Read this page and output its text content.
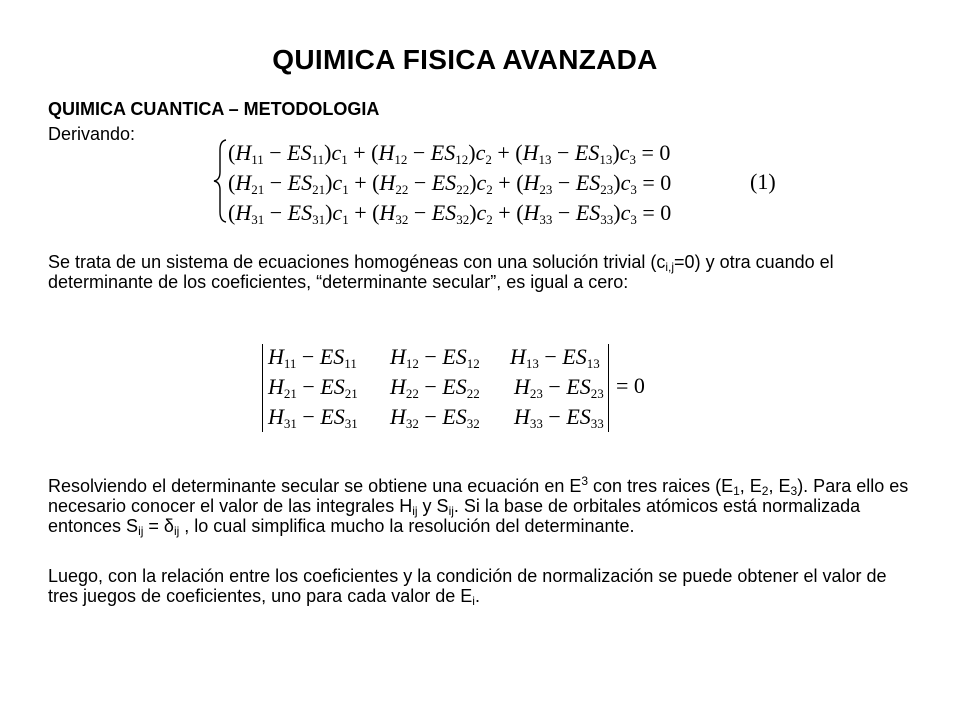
QUIMICA FISICA AVANZADA
QUIMICA CUANTICA – METODOLOGIA
Derivando:
$(H_{11} - ES_{11})c_1 + (H_{12} - ES_{12})c_2 + (H_{13} - ES_{13})c_3 = 0$
$(H_{21} - ES_{21})c_1 + (H_{22} - ES_{22})c_2 + (H_{23} - ES_{23})c_3 = 0$
$(H_{31} - ES_{31})c_1 + (H_{32} - ES_{32})c_2 + (H_{33} - ES_{33})c_3 = 0$
(1)
Se trata de un sistema de ecuaciones homogéneas con una solución trivial $(c_{i,j}=0)$ y otra cuando el determinante de los coeficientes, “determinante secular”, es igual a cero:
$H_{11} - ES_{11}$ $H_{12} - ES_{12}$ $H_{13} - ES_{13}$
$H_{21} - ES_{21}$ $H_{22} - ES_{22}$ $H_{23} - ES_{23}$
$H_{31} - ES_{31}$ $H_{32} - ES_{32}$ $H_{33} - ES_{33}$
= 0
Resolviendo el determinante secular se obtiene una ecuación en $E^3$ con tres raices ($E_1$, $E_2$, $E_3$). Para ello es necesario conocer el valor de las integrales $H_{ij}$ y $S_{ij}$. Si la base de orbitales atómicos está normalizada entonces $S_{ij} = \delta_{ij}$ , lo cual simplifica mucho la resolución del determinante.
Luego, con la relación entre los coeficientes y la condición de normalización se puede obtener el valor de tres juegos de coeficientes, uno para cada valor de $E_i$.
